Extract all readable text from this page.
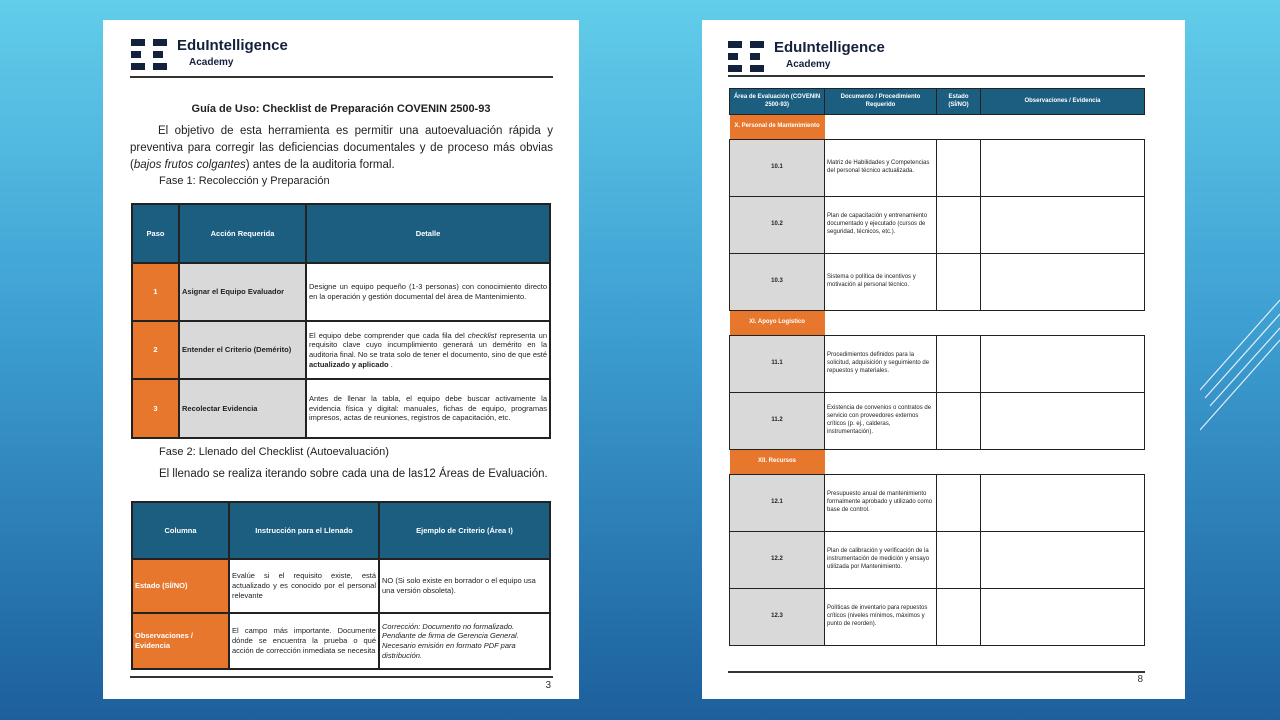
EduIntelligence
Academy
Guía de Uso: Checklist de Preparación COVENIN 2500-93
El objetivo de esta herramienta es permitir una autoevaluación rápida y preventiva para corregir las deficiencias documentales y de proceso más obvias (bajos frutos colgantes) antes de la auditoria formal.
Fase 1: Recolección y Preparación
Paso	Acción Requerida	Detalle
1	Asignar el Equipo Evaluador	Designe un equipo pequeño (1-3 personas) con conocimiento directo en la operación y gestión documental del área de Mantenimiento.
2	Entender el Criterio (Demérito)	El equipo debe comprender que cada fila del checklist representa un requisito clave cuyo incumplimiento generará un demérito en la auditoria final. No se trata solo de tener el documento, sino de que esté actualizado y aplicado .
3	Recolectar Evidencia	Antes de llenar la tabla, el equipo debe buscar activamente la evidencia física y digital: manuales, fichas de equipo, programas impresos, actas de reuniones, registros de capacitación, etc.
Fase 2: Llenado del Checklist (Autoevaluación)
El llenado se realiza iterando sobre cada una de las12 Áreas de Evaluación.
Columna	Instrucción para el Llenado	Ejemplo de Criterio (Área I)
Estado (SÍ/NO)	Evalúe si el requisito existe, está actualizado y es conocido por el personal relevante	NO (Si solo existe en borrador o el equipo usa una versión obsoleta).
Observaciones / Evidencia	El campo más importante. Documente dónde se encuentra la prueba o qué acción de corrección inmediata se necesita	Corrección: Documento no formalizado. Pendiante de firma de Gerencia General. Necesario emisión en formato PDF para distribución.
3
EduIntelligence
Academy
Área de Evaluación (COVENIN 2500-93)	Documento / Procedimiento Requerido	Estado (SÍ/NO)	Observaciones / Evidencia
X. Personal de Mantenimiento			
10.1	Matriz de Habilidades y Competencias del personal técnico actualizada.		
10.2	Plan de capacitación y entrenamiento documentado y ejecutado (cursos de seguridad, técnicos, etc.).		
10.3	Sistema o política de incentivos y motivación al personal técnico.		
XI. Apoyo Logístico			
11.1	Procedimientos definidos para la solicitud, adquisición y seguimiento de repuestos y materiales.		
11.2	Existencia de convenios o contratos de servicio con proveedores externos críticos (p. ej., calderas, instrumentación).		
XII. Recursos			
12.1	Presupuesto anual de mantenimiento formalmente aprobado y utilizado como base de control.		
12.2	Plan de calibración y verificación de la instrumentación de medición y ensayo utilizada por Mantenimiento.		
12.3	Políticas de inventario para repuestos críticos (niveles mínimos, máximos y punto de reorden).		
8
